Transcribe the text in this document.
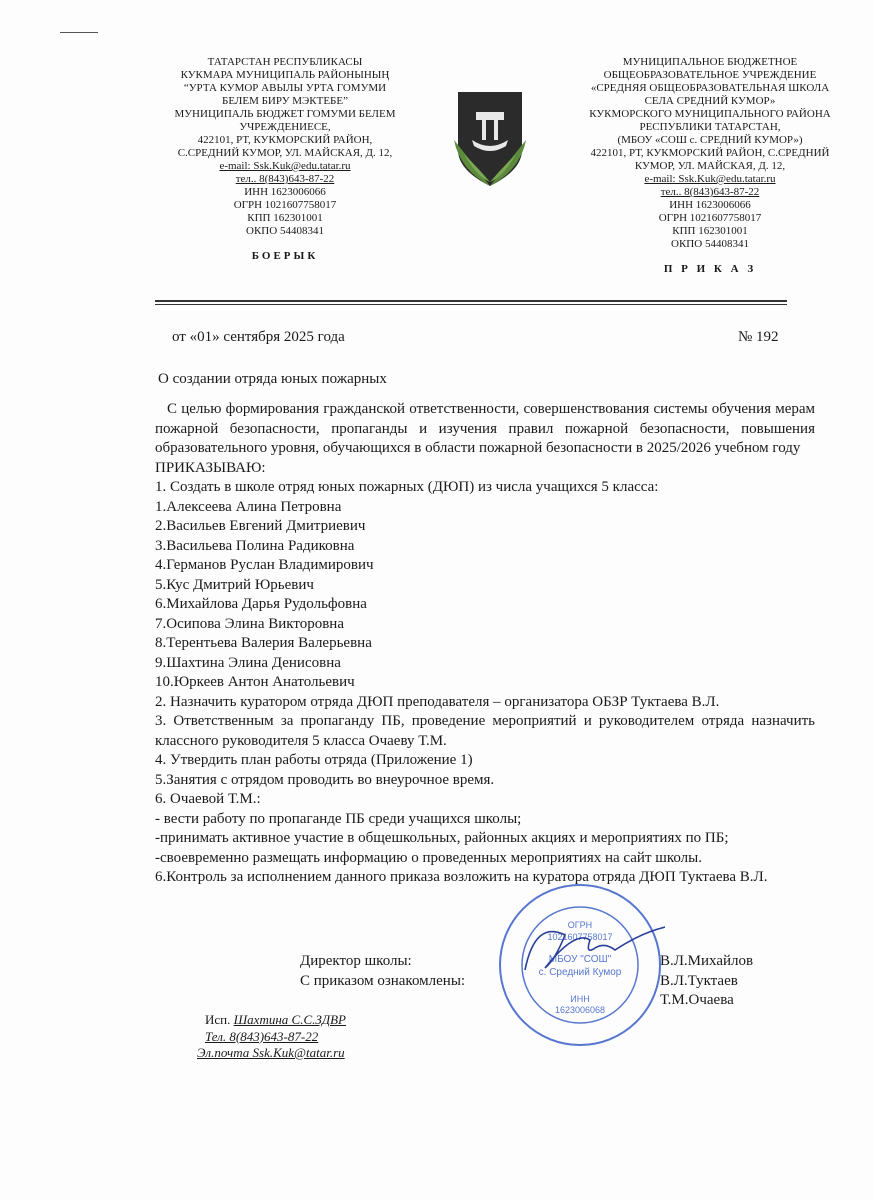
ТАТАРСТАН РЕСПУБЛИКАСЫ
КУКМАРА МУНИЦИПАЛЬ РАЙОНЫНЫҢ
“УРТА КУМОР АВЫЛЫ УРТА ГОМУМИ
БЕЛЕМ БИРУ МЭКТЕБЕ”
МУНИЦИПАЛЬ БЮДЖЕТ ГОМУМИ БЕЛЕМ
УЧРЕЖДЕНИЕСЕ,
422101, РТ, КУКМОРСКИЙ РАЙОН,
С.СРЕДНИЙ КУМОР, УЛ. МАЙСКАЯ, Д. 12,
e-mail: Ssk.Kuk@edu.tatar.ru
тел.. 8(843)643-87-22
ИНН 1623006066
ОГРН 1021607758017
КПП 162301001
ОКПО 54408341
БОЕРЫК
МУНИЦИПАЛЬНОЕ БЮДЖЕТНОЕ
ОБЩЕОБРАЗОВАТЕЛЬНОЕ УЧРЕЖДЕНИЕ
«СРЕДНЯЯ ОБЩЕОБРАЗОВАТЕЛЬНАЯ ШКОЛА
СЕЛА СРЕДНИЙ КУМОР»
КУКМОРСКОГО МУНИЦИПАЛЬНОГО РАЙОНА
РЕСПУБЛИКИ ТАТАРСТАН,
(МБОУ «СОШ с. СРЕДНИЙ КУМОР»)
422101, РТ, КУКМОРСКИЙ РАЙОН, С.СРЕДНИЙ
КУМОР, УЛ. МАЙСКАЯ, Д. 12,
e-mail: Ssk.Kuk@edu.tatar.ru
тел.. 8(843)643-87-22
ИНН 1623006066
ОГРН 1021607758017
КПП 162301001
ОКПО 54408341
П Р И К А З
от «01» сентября 2025 года	№ 192
О создании отряда юных пожарных

С целью формирования гражданской ответственности, совершенствования системы обучения мерам пожарной безопасности, пропаганды и изучения правил пожарной безопасности, повышения образовательного уровня, обучающихся в области пожарной безопасности в 2025/2026 учебном году

ПРИКАЗЫВАЮ:

1. Создать в школе отряд юных пожарных (ДЮП) из числа учащихся 5 класса:

1.Алексеева Алина Петровна

2.Васильев Евгений Дмитриевич

3.Васильева Полина Радиковна

4.Германов Руслан Владимирович

5.Кус Дмитрий Юрьевич

6.Михайлова Дарья Рудольфовна

7.Осипова Элина Викторовна

8.Терентьева Валерия Валерьевна

9.Шахтина Элина Денисовна

10.Юркеев Антон Анатольевич

2. Назначить куратором отряда ДЮП преподавателя – организатора ОБЗР Туктаева В.Л.

3. Ответственным за пропаганду ПБ, проведение мероприятий и руководителем отряда назначить классного руководителя 5 класса Очаеву Т.М.

4. Утвердить план работы отряда (Приложение 1)

5.Занятия с отрядом проводить во внеурочное время.

6. Очаевой Т.М.:

- вести работу по пропаганде ПБ среди учащихся школы;

-принимать активное участие в общешкольных, районных акциях и мероприятиях по ПБ;

-своевременно размещать информацию о проведенных мероприятиях на сайт школы.

6.Контроль за исполнением данного приказа возложить на куратора отряда ДЮП Туктаева В.Л.

Директор школы:
С приказом ознакомлены:
В.Л.Михайлов
В.Л.Туктаев
Т.М.Очаева
ОГРН
1021607758017
МБОУ "СОШ"
с. Средний Кумор
ИНН
1623006068
Исп. Шахтина С.С.ЗДВР
Тел. 8(843)643-87-22
Эл.почта Ssk.Kuk@tatar.ru
